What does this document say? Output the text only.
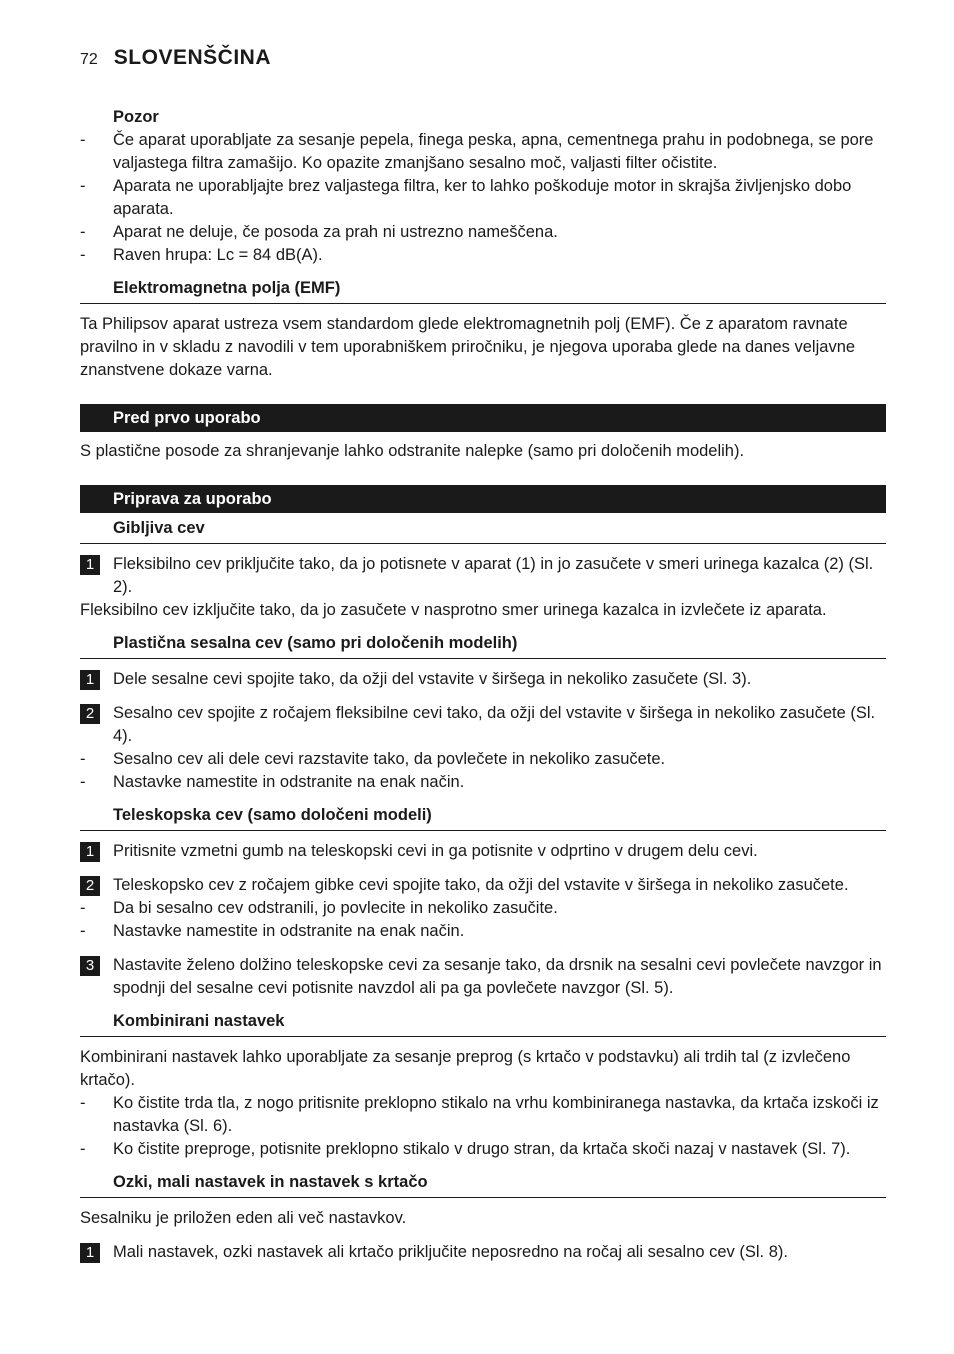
72 SLOVENŠČINA
Pozor
-	Če aparat uporabljate za sesanje pepela, finega peska, apna, cementnega prahu in podobnega, se pore valjastega filtra zamašijo. Ko opazite zmanjšano sesalno moč, valjasti filter očistite.
-	Aparata ne uporabljajte brez valjastega filtra, ker to lahko poškoduje motor in skrajša življenjsko dobo aparata.
-	Aparat ne deluje, če posoda za prah ni ustrezno nameščena.
-	Raven hrupa: Lc = 84 dB(A).
Elektromagnetna polja (EMF)

Ta Philipsov aparat ustreza vsem standardom glede elektromagnetnih polj (EMF). Če z aparatom ravnate pravilno in v skladu z navodili v tem uporabniškem priročniku, je njegova uporaba glede na danes veljavne znanstvene dokaze varna.

Pred prvo uporabo

S plastične posode za shranjevanje lahko odstranite nalepke (samo pri določenih modelih).

Priprava za uporabo
Gibljiva cev
1	Fleksibilno cev priključite tako, da jo potisnete v aparat (1) in jo zasučete v smeri urinega kazalca (2) (Sl. 2).

Fleksibilno cev izključite tako, da jo zasučete v nasprotno smer urinega kazalca in izvlečete iz aparata.

Plastična sesalna cev (samo pri določenih modelih)
1	Dele sesalne cevi spojite tako, da ožji del vstavite v širšega in nekoliko zasučete (Sl. 3).
2	Sesalno cev spojite z ročajem fleksibilne cevi tako, da ožji del vstavite v širšega in nekoliko zasučete (Sl. 4).
-	Sesalno cev ali dele cevi razstavite tako, da povlečete in nekoliko zasučete.
-	Nastavke namestite in odstranite na enak način.
Teleskopska cev (samo določeni modeli)
1	Pritisnite vzmetni gumb na teleskopski cevi in ga potisnite v odprtino v drugem delu cevi.
2	Teleskopsko cev z ročajem gibke cevi spojite tako, da ožji del vstavite v širšega in nekoliko zasučete.
-	Da bi sesalno cev odstranili, jo povlecite in nekoliko zasučite.
-	Nastavke namestite in odstranite na enak način.
3	Nastavite želeno dolžino teleskopske cevi za sesanje tako, da drsnik na sesalni cevi povlečete navzgor in spodnji del sesalne cevi potisnite navzdol ali pa ga povlečete navzgor (Sl. 5).
Kombinirani nastavek

Kombinirani nastavek lahko uporabljate za sesanje preprog (s krtačo v podstavku) ali trdih tal (z izvlečeno krtačo).

-	Ko čistite trda tla, z nogo pritisnite preklopno stikalo na vrhu kombiniranega nastavka, da krtača izskoči iz nastavka (Sl. 6).
-	Ko čistite preproge, potisnite preklopno stikalo v drugo stran, da krtača skoči nazaj v nastavek (Sl. 7).
Ozki, mali nastavek in nastavek s krtačo

Sesalniku je priložen eden ali več nastavkov.

1	Mali nastavek, ozki nastavek ali krtačo priključite neposredno na ročaj ali sesalno cev (Sl. 8).
